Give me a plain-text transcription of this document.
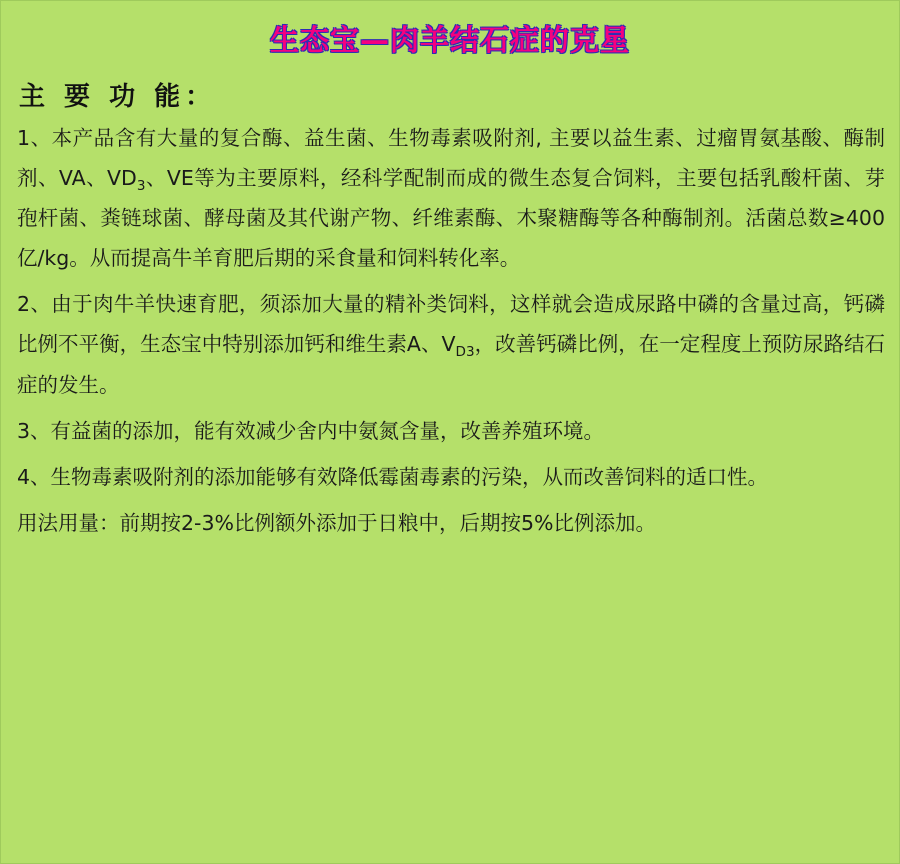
生态宝—肉羊结石症的克星
主 要 功 能：

1、本产品含有大量的复合酶、益生菌、生物毒素吸附剂, 主要以益生素、过瘤胃氨基酸、酶制剂、VA、$VD_3$、VE等为主要原料，经科学配制而成的微生态复合饲料，主要包括乳酸杆菌、芽孢杆菌、粪链球菌、酵母菌及其代谢产物、纤维素酶、木聚糖酶等各种酶制剂。活菌总数≥400亿/kg。从而提高牛羊育肥后期的采食量和饲料转化率。

2、由于肉牛羊快速育肥，须添加大量的精补类饲料，这样就会造成尿路中磷的含量过高，钙磷比例不平衡，生态宝中特别添加钙和维生素A、$V_{D3}$，改善钙磷比例，在一定程度上预防尿路结石症的发生。

3、有益菌的添加，能有效减少舍内中氨氮含量，改善养殖环境。

4、生物毒素吸附剂的添加能够有效降低霉菌毒素的污染，从而改善饲料的适口性。

用法用量：前期按2-3%比例额外添加于日粮中，后期按5%比例添加。
